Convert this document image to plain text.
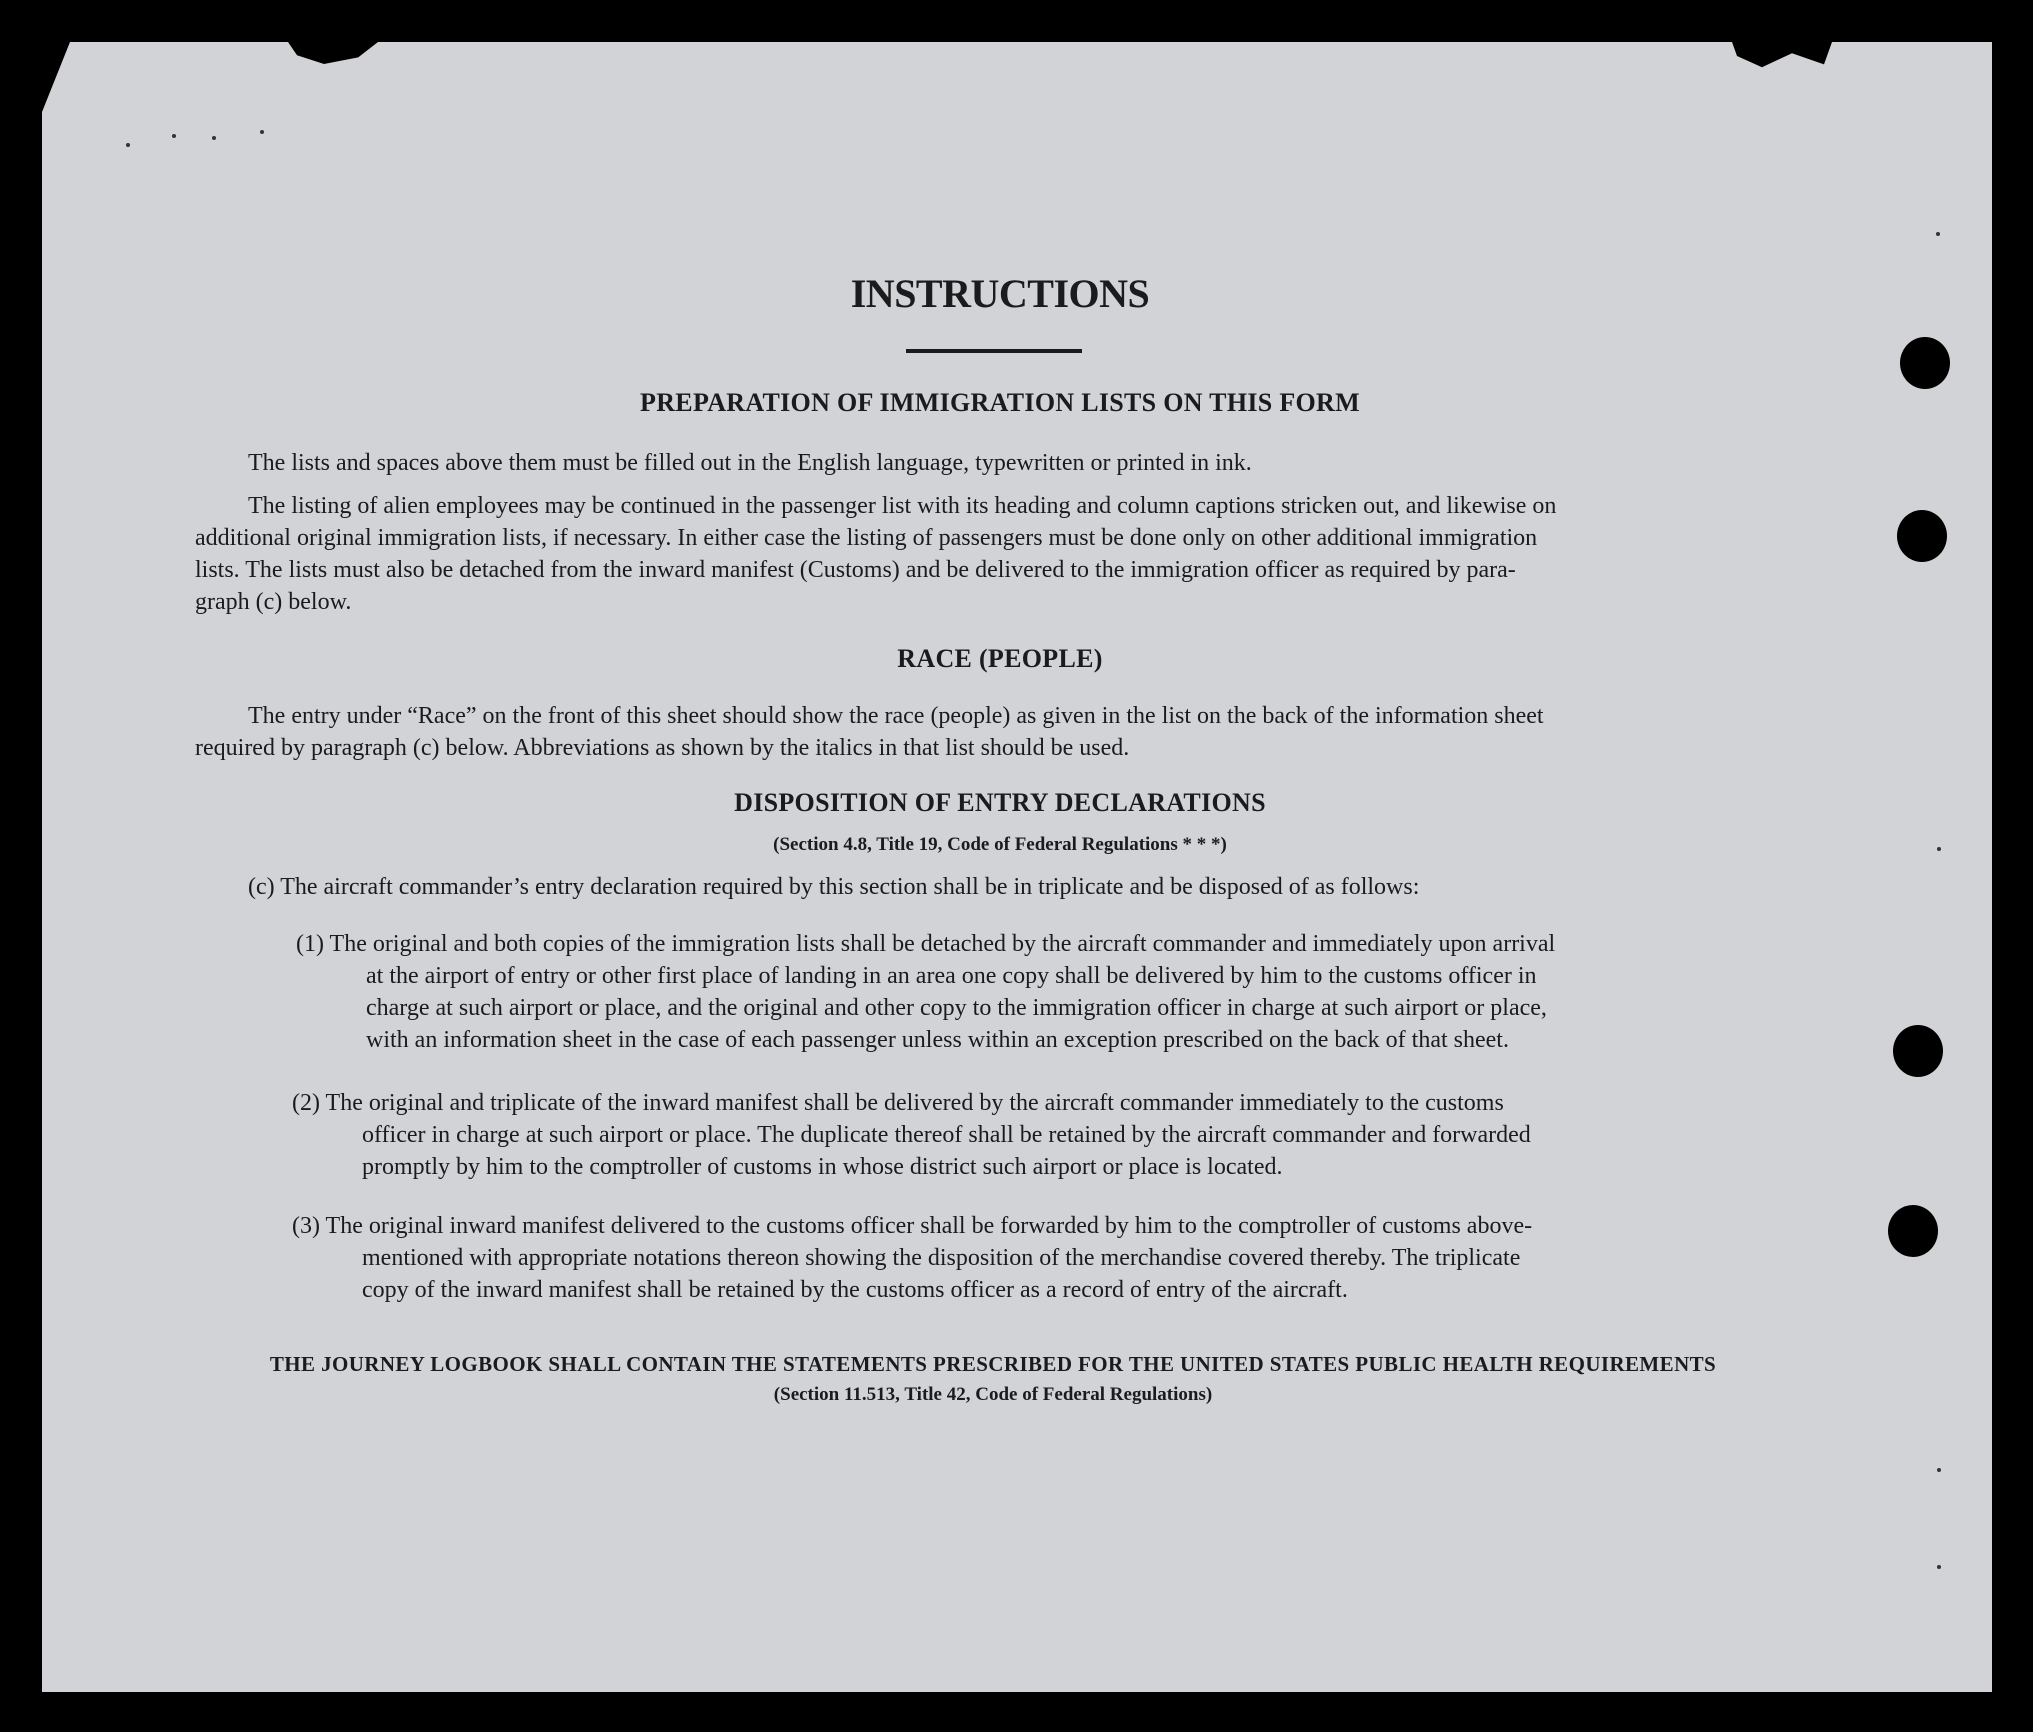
INSTRUCTIONS
PREPARATION OF IMMIGRATION LISTS ON THIS FORM
The lists and spaces above them must be filled out in the English language, typewritten or printed in ink.
The listing of alien employees may be continued in the passenger list with its heading and column captions stricken out, and likewise on
additional original immigration lists, if necessary. In either case the listing of passengers must be done only on other additional immigration
lists. The lists must also be detached from the inward manifest (Customs) and be delivered to the immigration officer as required by para-
graph (c) below.
RACE (PEOPLE)
The entry under “Race” on the front of this sheet should show the race (people) as given in the list on the back of the information sheet
required by paragraph (c) below. Abbreviations as shown by the italics in that list should be used.
DISPOSITION OF ENTRY DECLARATIONS
(Section 4.8, Title 19, Code of Federal Regulations * * *)
(c) The aircraft commander’s entry declaration required by this section shall be in triplicate and be disposed of as follows:
(1) The original and both copies of the immigration lists shall be detached by the aircraft commander and immediately upon arrival
at the airport of entry or other first place of landing in an area one copy shall be delivered by him to the customs officer in
charge at such airport or place, and the original and other copy to the immigration officer in charge at such airport or place,
with an information sheet in the case of each passenger unless within an exception prescribed on the back of that sheet.
(2) The original and triplicate of the inward manifest shall be delivered by the aircraft commander immediately to the customs
officer in charge at such airport or place. The duplicate thereof shall be retained by the aircraft commander and forwarded
promptly by him to the comptroller of customs in whose district such airport or place is located.
(3) The original inward manifest delivered to the customs officer shall be forwarded by him to the comptroller of customs above-
mentioned with appropriate notations thereon showing the disposition of the merchandise covered thereby. The triplicate
copy of the inward manifest shall be retained by the customs officer as a record of entry of the aircraft.
THE JOURNEY LOGBOOK SHALL CONTAIN THE STATEMENTS PRESCRIBED FOR THE UNITED STATES PUBLIC HEALTH REQUIREMENTS
(Section 11.513, Title 42, Code of Federal Regulations)
